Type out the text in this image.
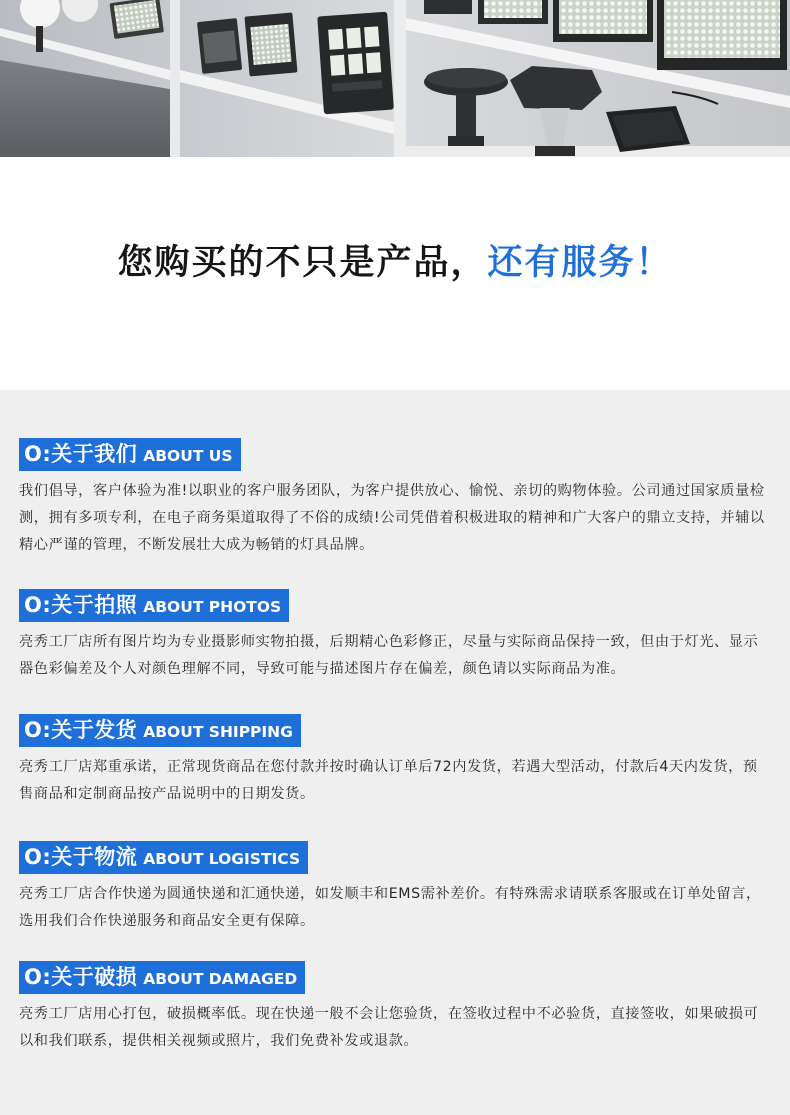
您购买的不只是产品，还有服务！
O:关于我们 ABOUT US

我们倡导，客户体验为准!以职业的客户服务团队，为客户提供放心、愉悦、亲切的购物体验。公司通过国家质量检测，拥有多项专利，在电子商务渠道取得了不俗的成绩!公司凭借着积极进取的精神和广大客户的鼎立支持，并辅以精心严谨的管理，不断发展壮大成为畅销的灯具品牌。

O:关于拍照 ABOUT PHOTOS

亮秀工厂店所有图片均为专业摄影师实物拍摄，后期精心色彩修正，尽量与实际商品保持一致，但由于灯光、显示器色彩偏差及个人对颜色理解不同，导致可能与描述图片存在偏差，颜色请以实际商品为准。

O:关于发货 ABOUT SHIPPING

亮秀工厂店郑重承诺，正常现货商品在您付款并按时确认订单后72内发货，若遇大型活动，付款后4天内发货，预售商品和定制商品按产品说明中的日期发货。

O:关于物流 ABOUT LOGISTICS

亮秀工厂店合作快递为圆通快递和汇通快递，如发顺丰和EMS需补差价。有特殊需求请联系客服或在订单处留言，选用我们合作快递服务和商品安全更有保障。

O:关于破损 ABOUT DAMAGED

亮秀工厂店用心打包，破损概率低。现在快递一般不会让您验货，在签收过程中不必验货，直接签收，如果破损可以和我们联系，提供相关视频或照片，我们免费补发或退款。
